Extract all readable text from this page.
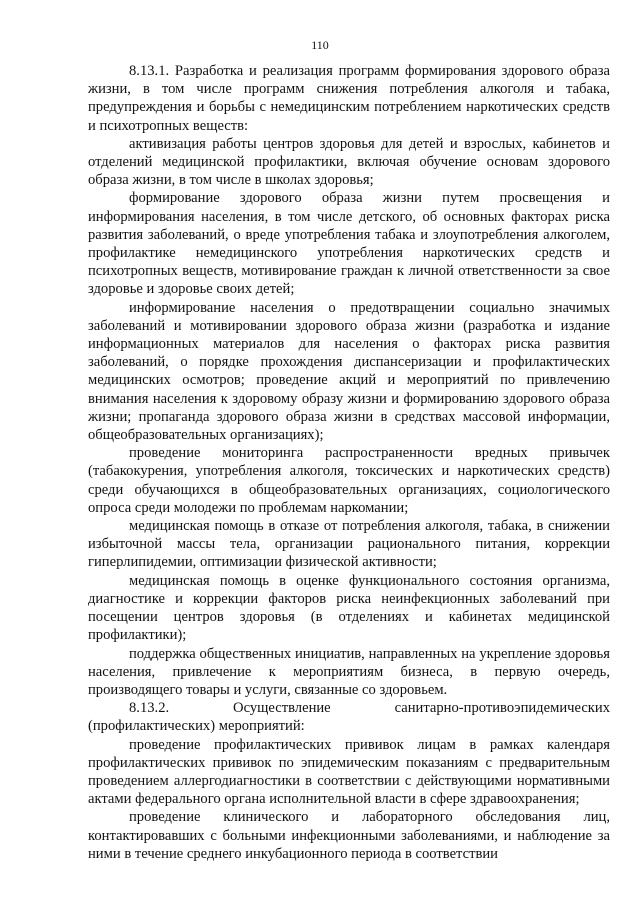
110

8.13.1. Разработка и реализация программ формирования здорового образа жизни, в том числе программ снижения потребления алкоголя и табака, предупреждения и борьбы с немедицинским потреблением наркотических средств и психотропных веществ:

активизация работы центров здоровья для детей и взрослых, кабинетов и отделений медицинской профилактики, включая обучение основам здорового образа жизни, в том числе в школах здоровья;

формирование здорового образа жизни путем просвещения и информирования населения, в том числе детского, об основных факторах риска развития заболеваний, о вреде употребления табака и злоупотребления алкоголем, профилактике немедицинского употребления наркотических средств и психотропных веществ, мотивирование граждан к личной ответственности за свое здоровье и здоровье своих детей;

информирование населения о предотвращении социально значимых заболеваний и мотивировании здорового образа жизни (разработка и издание информационных материалов для населения о факторах риска развития заболеваний, о порядке прохождения диспансеризации и профилактических медицинских осмотров; проведение акций и мероприятий по привлечению внимания населения к здоровому образу жизни и формированию здорового образа жизни; пропаганда здорового образа жизни в средствах массовой информации, общеобразовательных организациях);

проведение мониторинга распространенности вредных привычек (табакокурения, употребления алкоголя, токсических и наркотических средств) среди обучающихся в общеобразовательных организациях, социологического опроса среди молодежи по проблемам наркомании;

медицинская помощь в отказе от потребления алкоголя, табака, в снижении избыточной массы тела, организации рационального питания, коррекции гиперлипидемии, оптимизации физической активности;

медицинская помощь в оценке функционального состояния организма, диагностике и коррекции факторов риска неинфекционных заболеваний при посещении центров здоровья (в отделениях и кабинетах медицинской профилактики);

поддержка общественных инициатив, направленных на укрепление здоровья населения, привлечение к мероприятиям бизнеса, в первую очередь, производящего товары и услуги, связанные со здоровьем.

8.13.2. Осуществление санитарно-противоэпидемических (профилактических) мероприятий:

проведение профилактических прививок лицам в рамках календаря профилактических прививок по эпидемическим показаниям с предварительным проведением аллергодиагностики в соответствии с действующими нормативными актами федерального органа исполнительной власти в сфере здравоохранения;

проведение клинического и лабораторного обследования лиц, контактировавших с больными инфекционными заболеваниями, и наблюдение за ними в течение среднего инкубационного периода в соответствии
